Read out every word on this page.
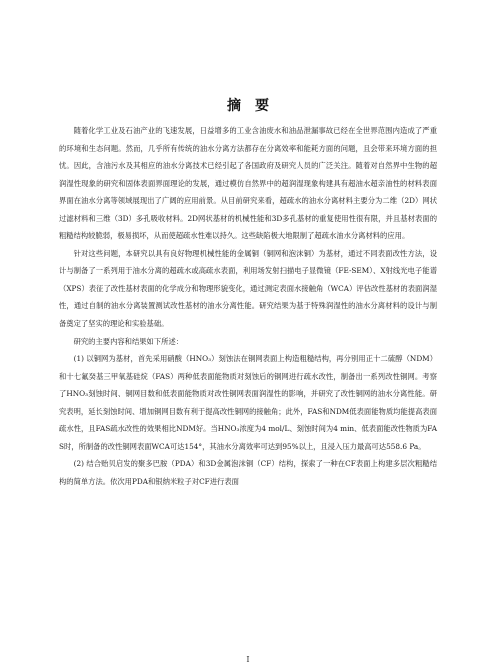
摘　要

随着化学工业及石油产业的飞速发展，日益增多的工业含油废水和油品泄漏事故已经在全世界范围内造成了严重的环境和生态问题。然而，几乎所有传统的油水分离方法都存在分离效率和能耗方面的问题，且会带来环境方面的担忧。因此，含油污水及其相应的油水分离技术已经引起了各国政府及研究人员的广泛关注。随着对自然界中生物的超润湿性现象的研究和固体表面界面理论的发展，通过模仿自然界中的超润湿现象构建具有超油水超亲油性的材料表面界面在油水分离等领域展现出了广阔的应用前景。从目前研究来看，超疏水的油水分离材料主要分为二维（2D）网状过滤材料和三维（3D）多孔吸收材料。2D网状基材的机械性能和3D多孔基材的重复使用性很有限，并且基材表面的粗糙结构较脆弱，极易损坏，从而使超疏水性难以持久。这些缺陷极大地限制了超疏水油水分离材料的应用。

针对这些问题，本研究以具有良好物理机械性能的金属铜（铜网和泡沫铜）为基材，通过不同表面改性方法，设计与制备了一系列用于油水分离的超疏水或高疏水表面，利用场发射扫描电子显微镜（FE-SEM）、X射线光电子能谱（XPS）表征了改性基材表面的化学成分和物理形貌变化，通过测定表面水接触角（WCA）评估改性基材的表面润湿性，通过自制的油水分离装置测试改性基材的油水分离性能。研究结果为基于特殊润湿性的油水分离材料的设计与制备奠定了坚实的理论和实验基础。

研究的主要内容和结果如下所述：

(1) 以铜网为基材，首先采用硝酸（HNO₃）刻蚀法在铜网表面上构造粗糙结构，再分别用正十二硫醇（NDM）和十七氟癸基三甲氧基硅烷（FAS）两种低表面能物质对刻蚀后的铜网进行疏水改性，制备出一系列改性铜网。考察了HNO₃刻蚀时间、铜网目数和低表面能物质对改性铜网表面润湿性的影响，并研究了改性铜网的油水分离性能。研究表明，延长刻蚀时间、增加铜网目数有利于提高改性铜网的接触角；此外，FAS和NDM低表面能物质均能提高表面疏水性，且FAS疏水改性的效果相比NDM好。当HNO₃浓度为4 mol/L、刻蚀时间为4 min、低表面能改性物质为FAS时，所制备的改性铜网表面WCA可达154°，其油水分离效率可达到95%以上，且浸入压力最高可达558.6 Pa。

(2) 结合贻贝启发的聚多巴胺（PDA）和3D金属泡沫铜（CF）结构，探索了一种在CF表面上构建多层次粗糙结构的简单方法。依次用PDA和银纳米粒子对CF进行表面

I
